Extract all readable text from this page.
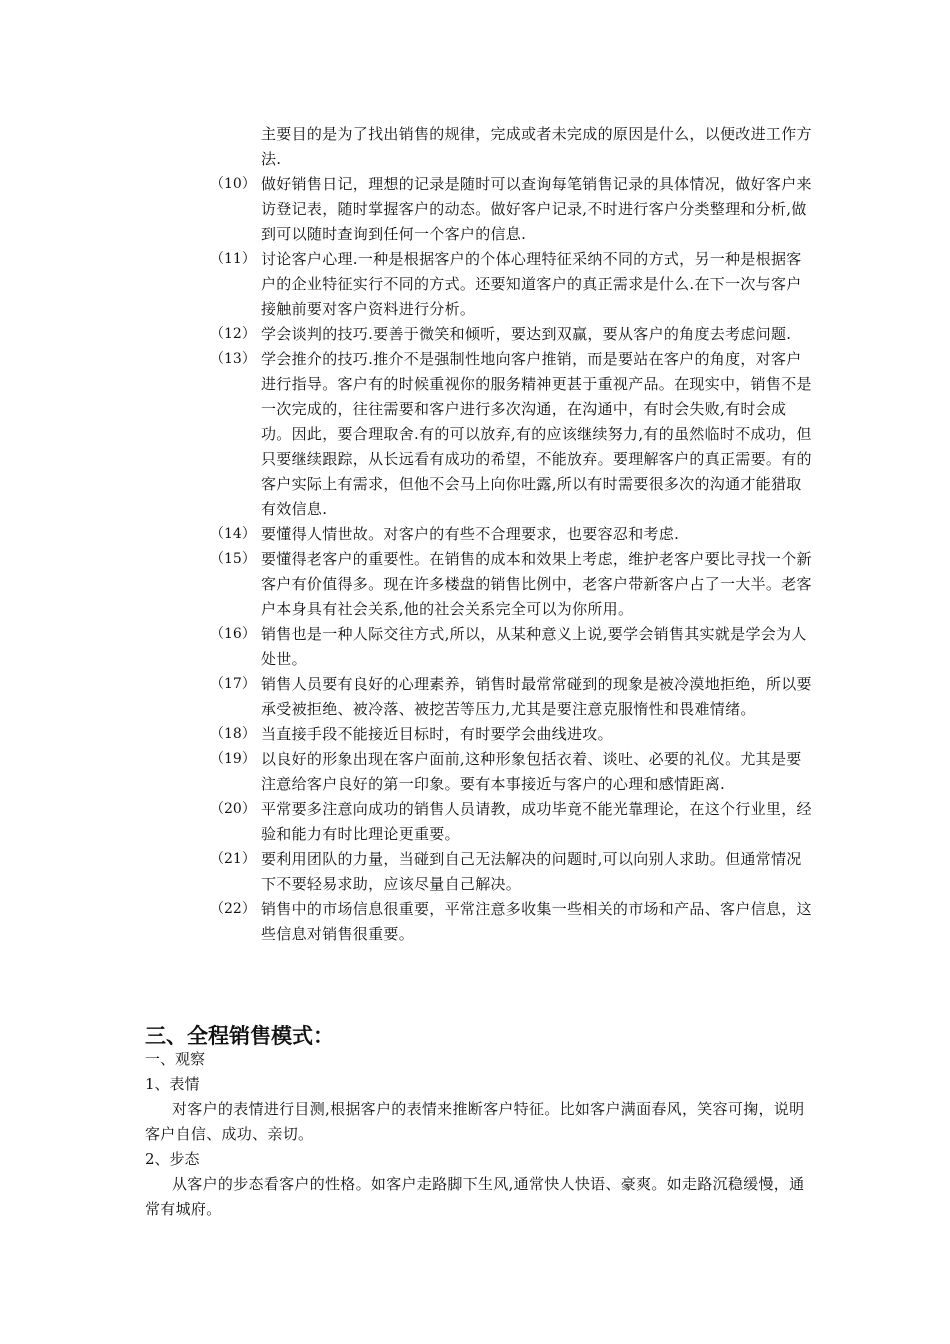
主要目的是为了找出销售的规律，完成或者未完成的原因是什么，以便改进工作方法.
（10） 做好销售日记，理想的记录是随时可以查询每笔销售记录的具体情况，做好客户来访登记表，随时掌握客户的动态。做好客户记录,不时进行客户分类整理和分析,做到可以随时查询到任何一个客户的信息.
（11） 讨论客户心理.一种是根据客户的个体心理特征采纳不同的方式，另一种是根据客户的企业特征实行不同的方式。还要知道客户的真正需求是什么.在下一次与客户接触前要对客户资料进行分析。
（12） 学会谈判的技巧.要善于微笑和倾听，要达到双赢，要从客户的角度去考虑问题.
（13） 学会推介的技巧.推介不是强制性地向客户推销，而是要站在客户的角度，对客户进行指导。客户有的时候重视你的服务精神更甚于重视产品。在现实中，销售不是一次完成的，往往需要和客户进行多次沟通，在沟通中，有时会失败,有时会成功。因此，要合理取舍.有的可以放弃,有的应该继续努力,有的虽然临时不成功，但只要继续跟踪，从长远看有成功的希望，不能放弃。要理解客户的真正需要。有的客户实际上有需求，但他不会马上向你吐露,所以有时需要很多次的沟通才能猎取有效信息.
（14） 要懂得人情世故。对客户的有些不合理要求，也要容忍和考虑.
（15） 要懂得老客户的重要性。在销售的成本和效果上考虑，维护老客户要比寻找一个新客户有价值得多。现在许多楼盘的销售比例中，老客户带新客户占了一大半。老客户本身具有社会关系,他的社会关系完全可以为你所用。
（16） 销售也是一种人际交往方式,所以，从某种意义上说,要学会销售其实就是学会为人处世。
（17） 销售人员要有良好的心理素养，销售时最常常碰到的现象是被冷漠地拒绝，所以要承受被拒绝、被冷落、被挖苦等压力,尤其是要注意克服惰性和畏难情绪。
（18） 当直接手段不能接近目标时，有时要学会曲线进攻。
（19） 以良好的形象出现在客户面前,这种形象包括衣着、谈吐、必要的礼仪。尤其是要注意给客户良好的第一印象。要有本事接近与客户的心理和感情距离.
（20） 平常要多注意向成功的销售人员请教，成功毕竟不能光靠理论，在这个行业里，经验和能力有时比理论更重要。
（21） 要利用团队的力量，当碰到自己无法解决的问题时,可以向别人求助。但通常情况下不要轻易求助，应该尽量自己解决。
（22） 销售中的市场信息很重要，平常注意多收集一些相关的市场和产品、客户信息，这些信息对销售很重要。
三、全程销售模式：
一、观察
1、表情
对客户的表情进行目测,根据客户的表情来推断客户特征。比如客户满面春风，笑容可掬，说明客户自信、成功、亲切。
2、步态
从客户的步态看客户的性格。如客户走路脚下生风,通常快人快语、豪爽。如走路沉稳缓慢，通常有城府。
